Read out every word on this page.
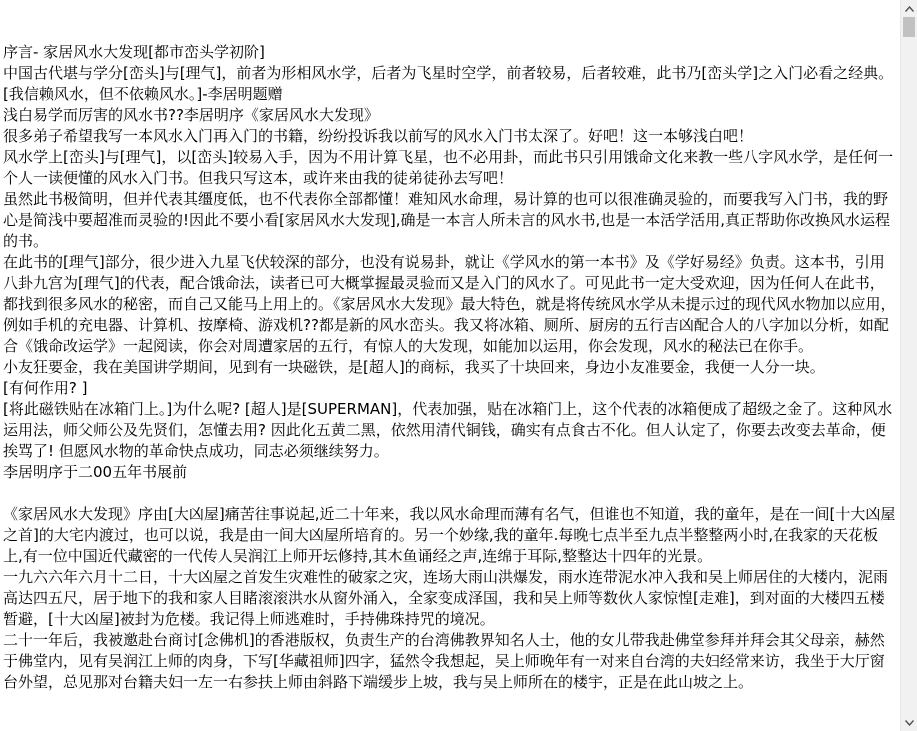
序言- 家居风水大发现[都市峦头学初阶]
中国古代堪与学分[峦头]与[理气]，前者为形相风水学，后者为飞星时空学，前者较易，后者较难，此书乃[峦头学]之入门必看之经典。
[我信赖风水，但不依赖风水。]-李居明题赠
浅白易学而厉害的风水书??李居明序《家居风水大发现》
很多弟子希望我写一本风水入门再入门的书籍，纷纷投诉我以前写的风水入门书太深了。好吧！这一本够浅白吧！
风水学上[峦头]与[理气]，以[峦头]较易入手，因为不用计算飞星，也不必用卦，而此书只引用饿命文化来教一些八字风水学，是任何一个人一读便懂的风水入门书。但我只写这本，或许来由我的徒弟徒孙去写吧！
虽然此书极简明，但并代表其缰度低，也不代表你全部都懂！难知风水命理，易计算的也可以很准确灵验的，而要我写入门书，我的野心是简浅中要超准而灵验的!因此不要小看[家居风水大发现],确是一本言人所未言的风水书,也是一本活学活用,真正帮助你改换风水运程的书。
在此书的[理气]部分，很少进入九星飞伏较深的部分，也没有说易卦，就让《学风水的第一本书》及《学好易经》负责。这本书，引用八卦九宫为[理气]的代表，配合饿命法，读者已可大概掌握最灵验而又是入门的风水了。可见此书一定大受欢迎，因为任何人在此书，都找到很多风水的秘密，而自己又能马上用上的。《家居风水大发现》最大特色，就是将传统风水学从未提示过的现代风水物加以应用，例如手机的充电器、计算机、按摩椅、游戏机??都是新的风水峦头。我又将冰箱、厕所、厨房的五行吉凶配合人的八字加以分析，如配合《饿命改运学》一起阅读，你会对周遭家居的五行，有惊人的大发现，如能加以运用，你会发现，风水的秘法已在你手。
小友狂要金，我在美国讲学期间，见到有一块磁铁，是[超人]的商标，我买了十块回来，身边小友准要金，我便一人分一块。
[有何作用? ]
[将此磁铁贴在冰箱门上。]为什么呢? [超人]是[SUPERMAN]，代表加强，贴在冰箱门上，这个代表的冰箱便成了超级之金了。这种风水运用法，师父师公及先贤们，怎懂去用? 因此化五黄二黑，依然用清代铜钱，确实有点食古不化。但人认定了，你要去改变去革命，便挨骂了! 但愿风水物的革命快点成功，同志必须继续努力。
李居明序于二00五年书展前
《家居风水大发现》序由[大凶屋]痛苦往事说起,近二十年来，我以风水命理而薄有名气，但谁也不知道，我的童年，是在一间[十大凶屋之首]的大宅内渡过，也可以说，我是由一间大凶屋所培育的。另一个妙缘,我的童年.每晚七点半至九点半整整两小时,在我家的天花板上,有一位中国近代藏密的一代传人吴润江上师开坛修持,其木鱼诵经之声,连绵于耳际,整整达十四年的光景。
一九六六年六月十二日，十大凶屋之首发生灾难性的破家之灾，连场大雨山洪爆发，雨水连带泥水冲入我和吴上师居住的大楼内，泥雨高达四五尺，居于地下的我和家人目睹滚滚洪水从窗外涌入，全家变成泽国，我和吴上师等数伙人家惊惶[走难]，到对面的大楼四五楼暂避，[十大凶屋]被封为危楼。我记得上师逃难时，手持佛珠持咒的境况。
二十一年后，我被邀赴台商讨[念佛机]的香港版权，负责生产的台湾佛教界知名人士，他的女儿带我赴佛堂参拜并拜会其父母亲，赫然于佛堂内，见有吴润江上师的肉身，下写[华藏祖师]四字，猛然令我想起，吴上师晚年有一对来自台湾的夫妇经常来访，我坐于大厅窗台外望，总见那对台籍夫妇一左一右参扶上师由斜路下端缓步上坡，我与吴上师所在的楼宇，正是在此山坡之上。
